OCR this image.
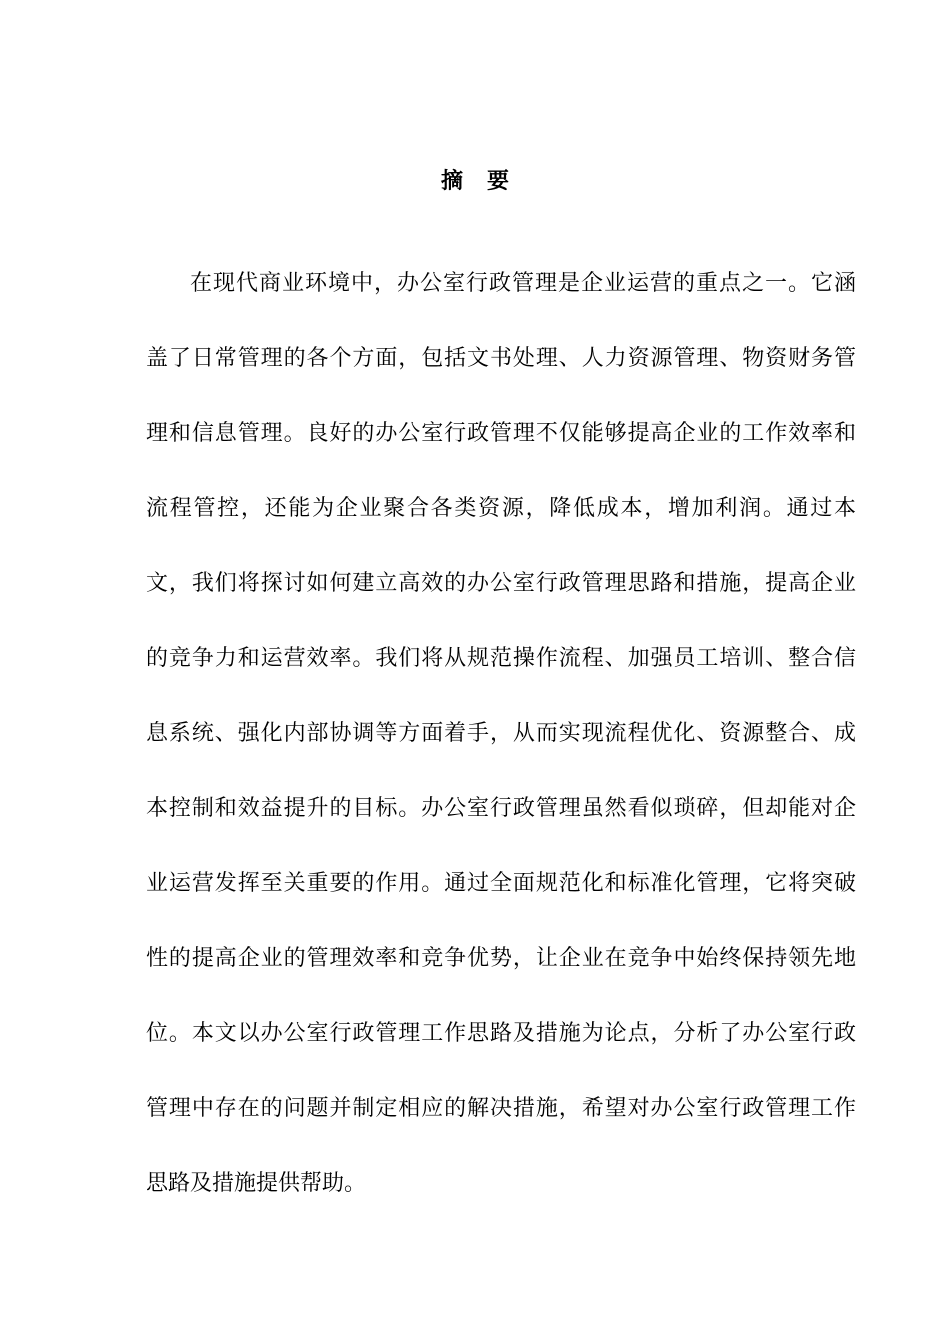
摘要
在现代商业环境中，办公室行政管理是企业运营的重点之一。它涵
盖了日常管理的各个方面，包括文书处理、人力资源管理、物资财务管
理和信息管理。良好的办公室行政管理不仅能够提高企业的工作效率和
流程管控，还能为企业聚合各类资源，降低成本，增加利润。通过本
文，我们将探讨如何建立高效的办公室行政管理思路和措施，提高企业
的竞争力和运营效率。我们将从规范操作流程、加强员工培训、整合信
息系统、强化内部协调等方面着手，从而实现流程优化、资源整合、成
本控制和效益提升的目标。办公室行政管理虽然看似琐碎，但却能对企
业运营发挥至关重要的作用。通过全面规范化和标准化管理，它将突破
性的提高企业的管理效率和竞争优势，让企业在竞争中始终保持领先地
位。本文以办公室行政管理工作思路及措施为论点，分析了办公室行政
管理中存在的问题并制定相应的解决措施，希望对办公室行政管理工作
思路及措施提供帮助。
